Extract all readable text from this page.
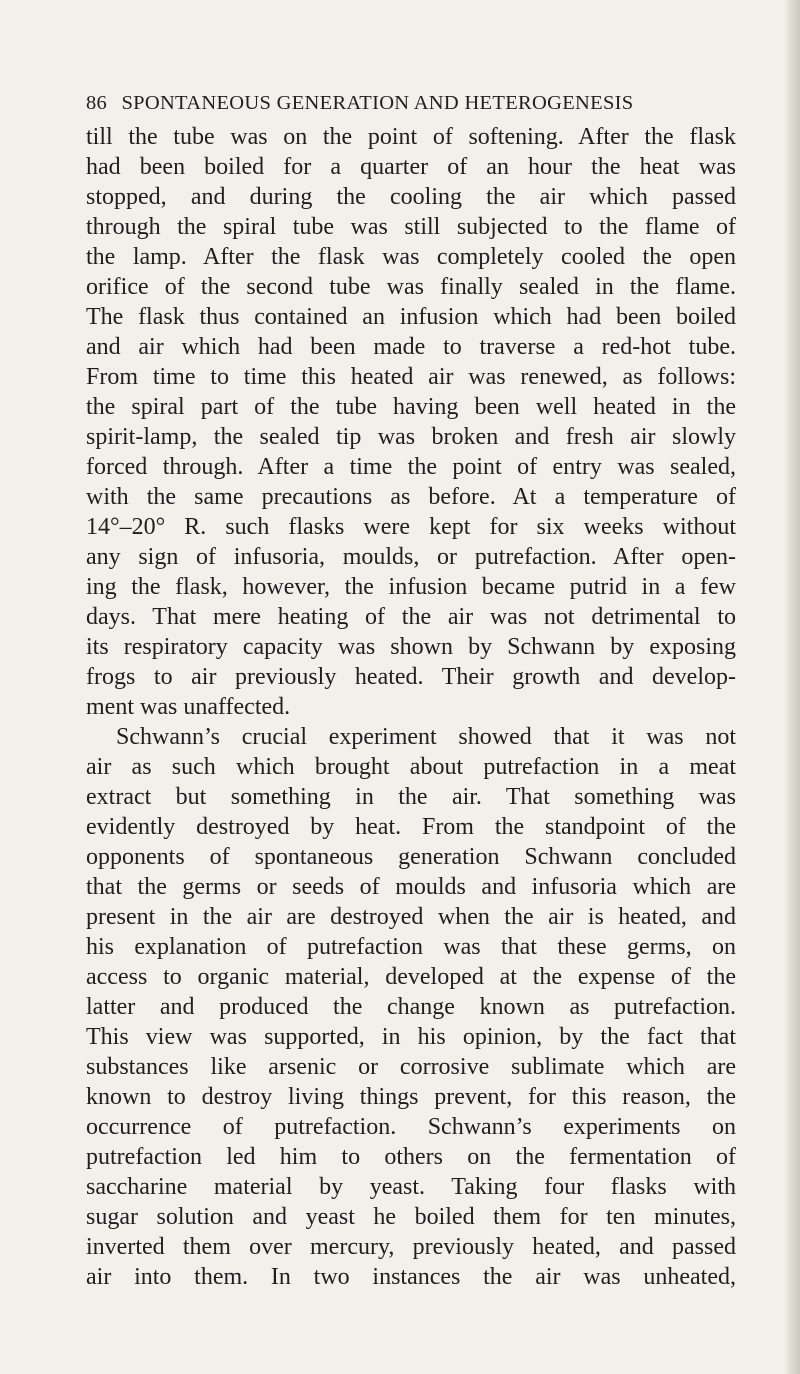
86 SPONTANEOUS GENERATION AND HETEROGENESIS
till the tube was on the point of softening. After the flask
had been boiled for a quarter of an hour the heat was
stopped, and during the cooling the air which passed
through the spiral tube was still subjected to the flame of
the lamp. After the flask was completely cooled the open
orifice of the second tube was finally sealed in the flame.
The flask thus contained an infusion which had been boiled
and air which had been made to traverse a red-hot tube.
From time to time this heated air was renewed, as follows:
the spiral part of the tube having been well heated in the
spirit-lamp, the sealed tip was broken and fresh air slowly
forced through. After a time the point of entry was sealed,
with the same precautions as before. At a temperature of
14°–20° R. such flasks were kept for six weeks without
any sign of infusoria, moulds, or putrefaction. After open-
ing the flask, however, the infusion became putrid in a few
days. That mere heating of the air was not detrimental to
its respiratory capacity was shown by Schwann by exposing
frogs to air previously heated. Their growth and develop-
ment was unaffected.
Schwann’s crucial experiment showed that it was not
air as such which brought about putrefaction in a meat
extract but something in the air. That something was
evidently destroyed by heat. From the standpoint of the
opponents of spontaneous generation Schwann concluded
that the germs or seeds of moulds and infusoria which are
present in the air are destroyed when the air is heated, and
his explanation of putrefaction was that these germs, on
access to organic material, developed at the expense of the
latter and produced the change known as putrefaction.
This view was supported, in his opinion, by the fact that
substances like arsenic or corrosive sublimate which are
known to destroy living things prevent, for this reason, the
occurrence of putrefaction. Schwann’s experiments on
putrefaction led him to others on the fermentation of
saccharine material by yeast. Taking four flasks with
sugar solution and yeast he boiled them for ten minutes,
inverted them over mercury, previously heated, and passed
air into them. In two instances the air was unheated,
